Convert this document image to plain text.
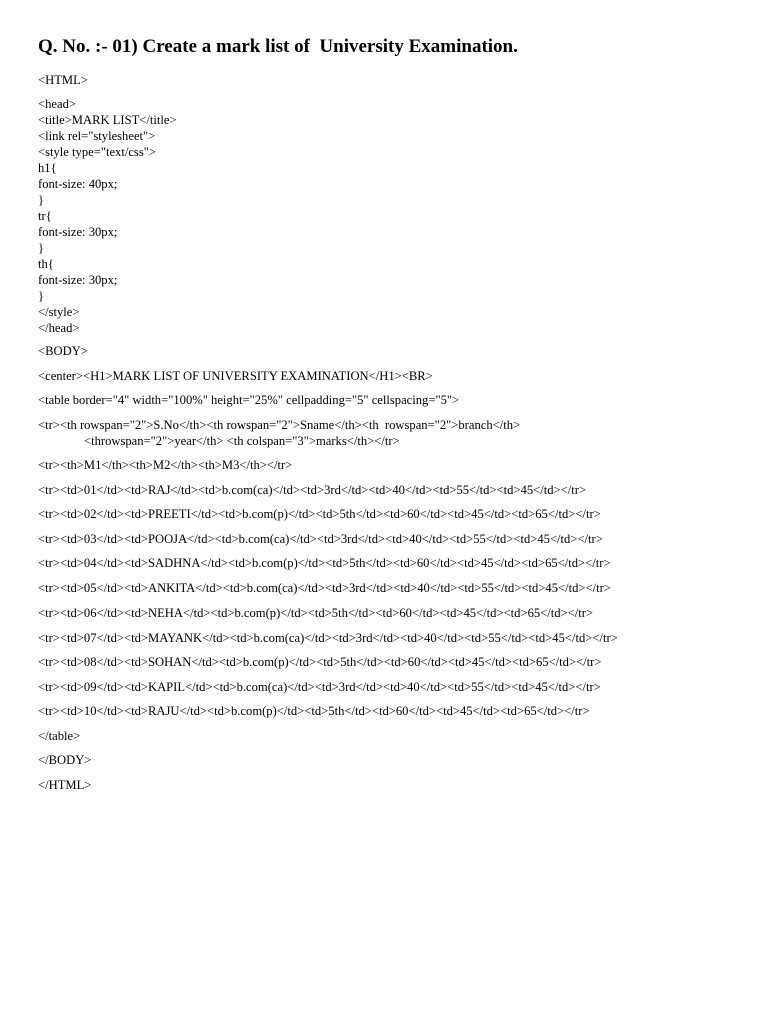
Q. No. :- 01) Create a mark list of  University Examination.
<HTML>
<head>
<title>MARK LIST</title>
<link rel="stylesheet">
<style type="text/css">
h1{
font-size: 40px;
}
tr{
font-size: 30px;
}
th{
font-size: 30px;
}
</style>
</head>
<BODY>
<center><H1>MARK LIST OF UNIVERSITY EXAMINATION</H1><BR>
<table border="4" width="100%" height="25%" cellpadding="5" cellspacing="5">
<tr><th rowspan="2">S.No</th><th rowspan="2">Sname</th><th  rowspan="2">branch</th>
<throwspan="2">year</th> <th colspan="3">marks</th></tr>
<tr><th>M1</th><th>M2</th><th>M3</th></tr>
<tr><td>01</td><td>RAJ</td><td>b.com(ca)</td><td>3rd</td><td>40</td><td>55</td><td>45</td></tr>
<tr><td>02</td><td>PREETI</td><td>b.com(p)</td><td>5th</td><td>60</td><td>45</td><td>65</td></tr>
<tr><td>03</td><td>POOJA</td><td>b.com(ca)</td><td>3rd</td><td>40</td><td>55</td><td>45</td></tr>
<tr><td>04</td><td>SADHNA</td><td>b.com(p)</td><td>5th</td><td>60</td><td>45</td><td>65</td></tr>
<tr><td>05</td><td>ANKITA</td><td>b.com(ca)</td><td>3rd</td><td>40</td><td>55</td><td>45</td></tr>
<tr><td>06</td><td>NEHA</td><td>b.com(p)</td><td>5th</td><td>60</td><td>45</td><td>65</td></tr>
<tr><td>07</td><td>MAYANK</td><td>b.com(ca)</td><td>3rd</td><td>40</td><td>55</td><td>45</td></tr>
<tr><td>08</td><td>SOHAN</td><td>b.com(p)</td><td>5th</td><td>60</td><td>45</td><td>65</td></tr>
<tr><td>09</td><td>KAPIL</td><td>b.com(ca)</td><td>3rd</td><td>40</td><td>55</td><td>45</td></tr>
<tr><td>10</td><td>RAJU</td><td>b.com(p)</td><td>5th</td><td>60</td><td>45</td><td>65</td></tr>
</table>
</BODY>
</HTML>
